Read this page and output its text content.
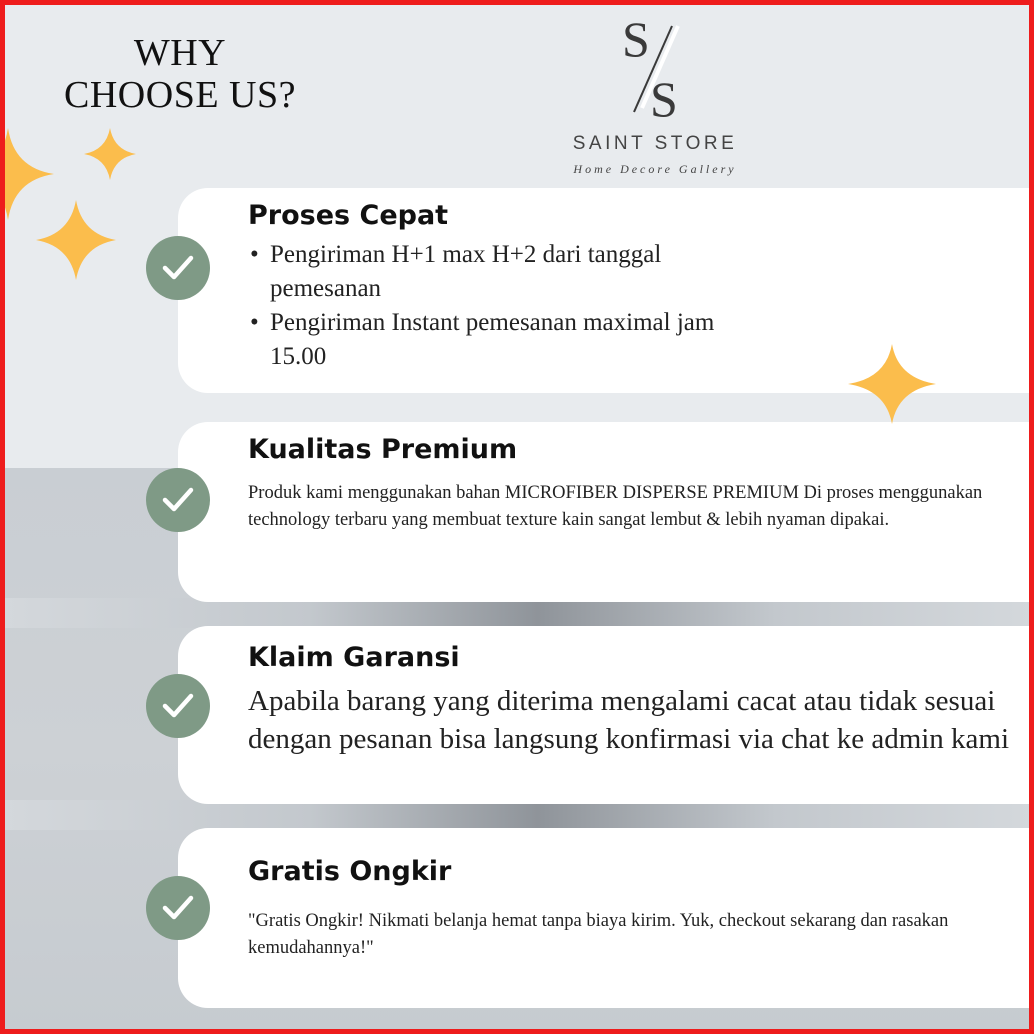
WHY
CHOOSE US?
S
S
SAINT STORE
Home Decore Gallery
Proses Cepat
• Pengiriman H+1 max H+2 dari tanggal pemesanan
• Pengiriman Instant pemesanan maximal jam 15.00
Kualitas Premium
Produk kami menggunakan bahan MICROFIBER DISPERSE PREMIUM Di proses menggunakan technology terbaru yang membuat texture kain sangat lembut & lebih nyaman dipakai.
Klaim Garansi
Apabila barang yang diterima mengalami cacat atau tidak sesuai dengan pesanan bisa langsung konfirmasi via chat ke admin kami
Gratis Ongkir
"Gratis Ongkir! Nikmati belanja hemat tanpa biaya kirim. Yuk, checkout sekarang dan rasakan kemudahannya!"
